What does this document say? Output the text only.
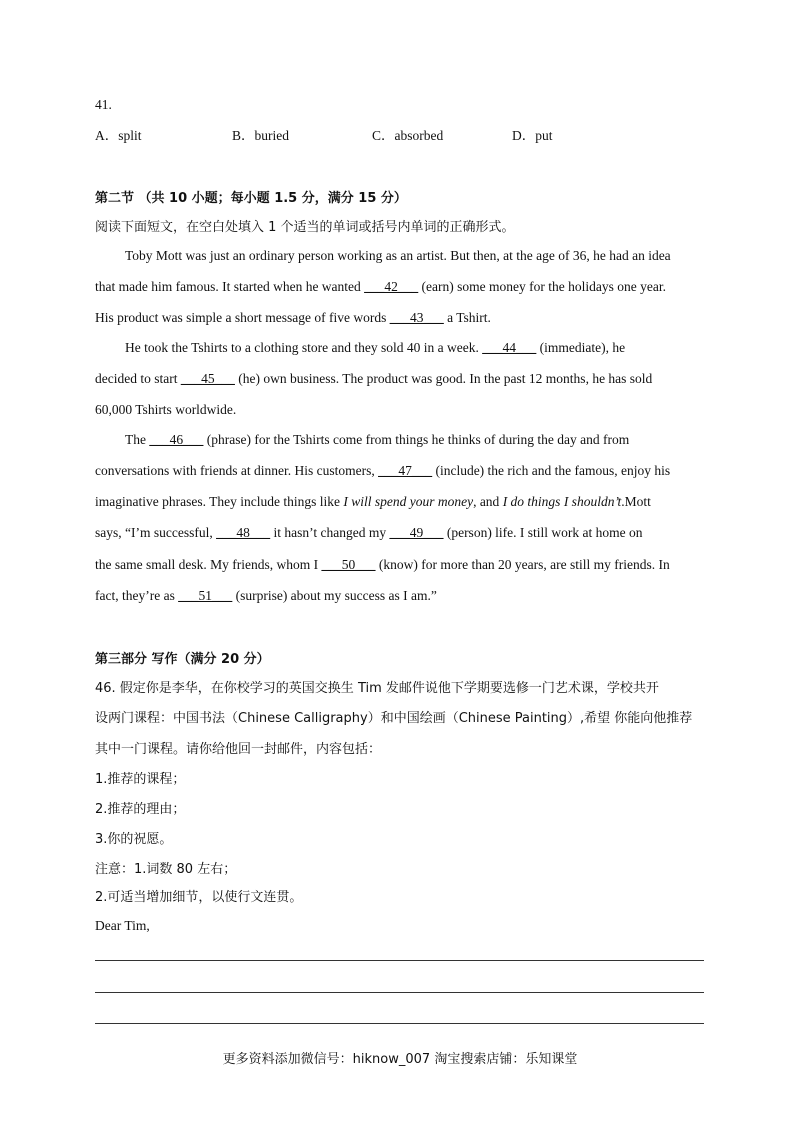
41.
A．split	B．buried	C．absorbed	D．put
第二节 （共 10 小题；每小题 1.5 分，满分 15 分）
阅读下面短文，在空白处填入 1 个适当的单词或括号内单词的正确形式。
Toby Mott was just an ordinary person working as an artist. But then, at the age of 36, he had an idea
that made him famous. It started when he wanted ___42___ (earn) some money for the holidays one year.
His product was simple a short message of five words ___43___ a Tshirt.
He took the Tshirts to a clothing store and they sold 40 in a week. ___44___ (immediate), he
decided to start ___45___ (he) own business. The product was good. In the past 12 months, he has sold
60,000 Tshirts worldwide.
The ___46___ (phrase) for the Tshirts come from things he thinks of during the day and from
conversations with friends at dinner. His customers, ___47___ (include) the rich and the famous, enjoy his
imaginative phrases. They include things like I will spend your money, and I do things I shouldn’t.Mott
says, “I’m successful, ___48___ it hasn’t changed my ___49___ (person) life. I still work at home on
the same small desk. My friends, whom I ___50___ (know) for more than 20 years, are still my friends. In
fact, they’re as ___51___ (surprise) about my success as I am.”
第三部分 写作（满分 20 分）
46. 假定你是李华，在你校学习的英国交换生 Tim 发邮件说他下学期要选修一门艺术课，学校共开
设两门课程：中国书法（Chinese Calligraphy）和中国绘画（Chinese Painting）,希望 你能向他推荐
其中一门课程。请你给他回一封邮件，内容包括：
1.推荐的课程；
2.推荐的理由；
3.你的祝愿。
注意：1.词数 80 左右；
2.可适当增加细节，以使行文连贯。
Dear Tim,
更多资料添加微信号：hiknow_007 淘宝搜索店铺：乐知课堂
